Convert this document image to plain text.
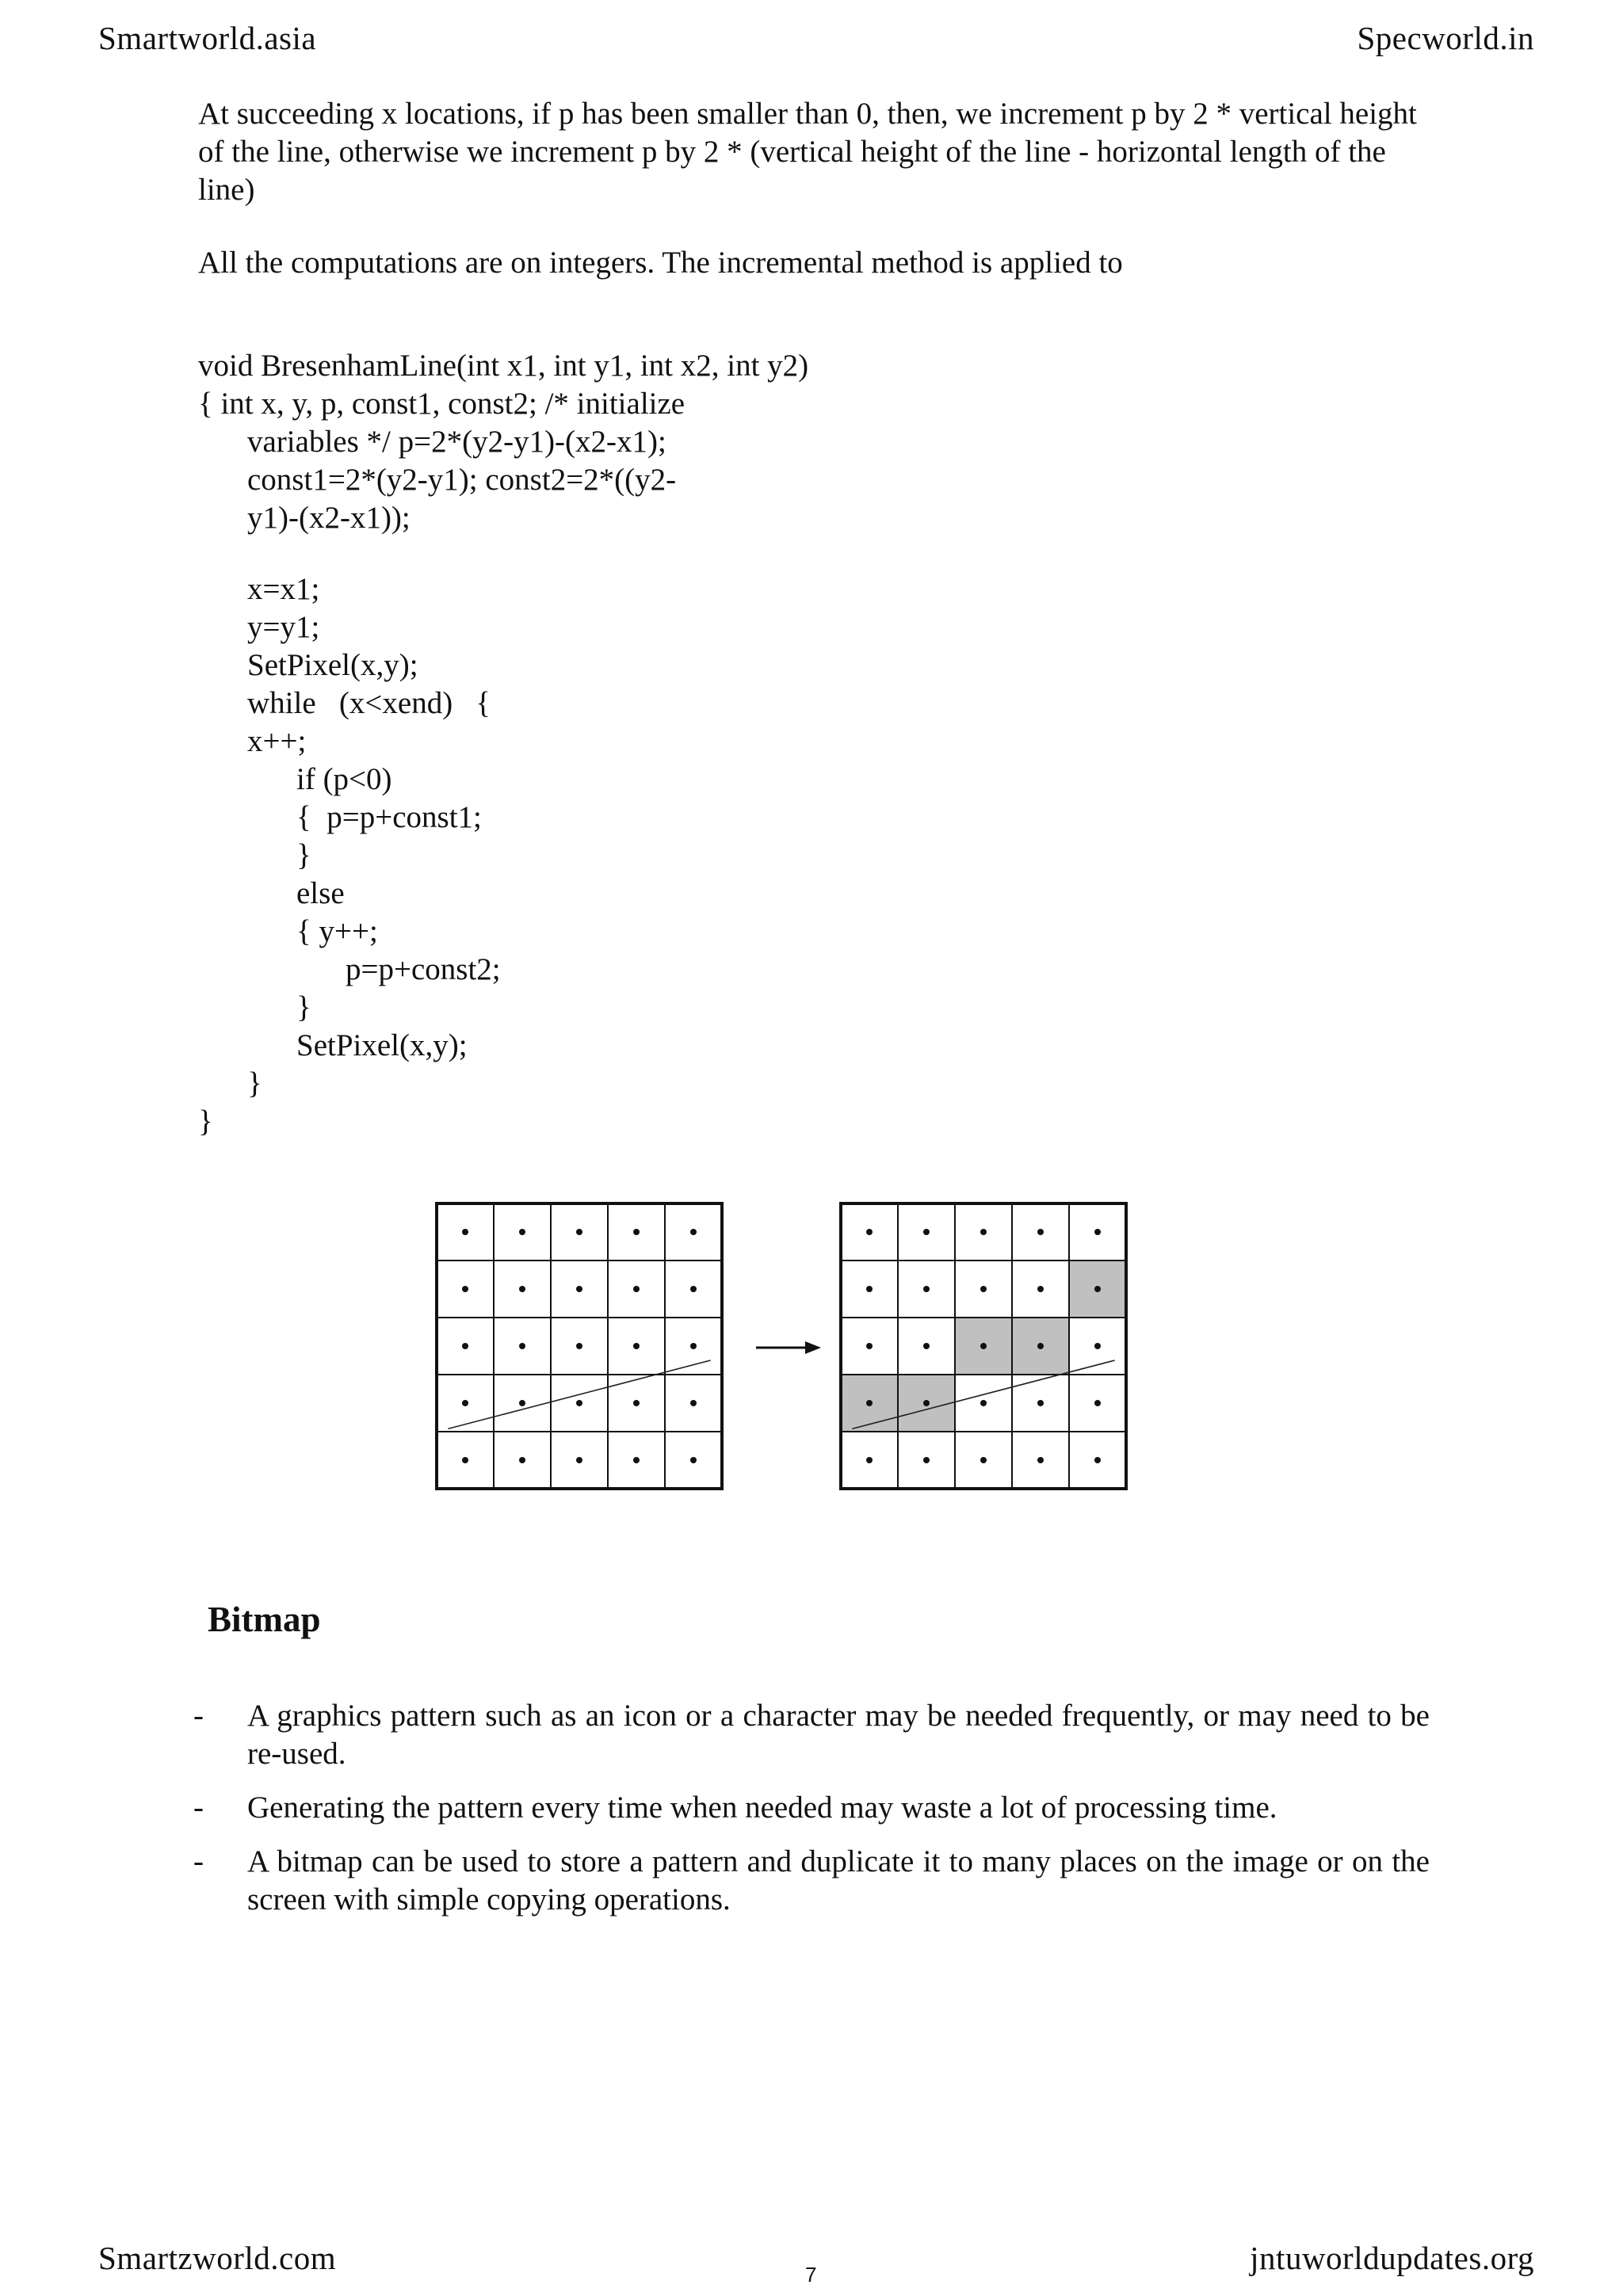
Smartworld.asia	Specworld.in

At succeeding x locations, if p has been smaller than 0, then, we increment p by 2 * vertical height of the line, otherwise we increment p by 2 * (vertical height of the line - horizontal length of the line)

All the computations are on integers. The incremental method is applied to

void BresenhamLine(int x1, int y1, int x2, int y2)
{ int x, y, p, const1, const2; /* initialize
variables */ p=2*(y2-y1)-(x2-x1);
const1=2*(y2-y1); const2=2*((y2-
y1)-(x2-x1));
x=x1;
y=y1;
SetPixel(x,y);
while   (x<xend)   {
x++;
if (p<0)
{  p=p+const1;
}
else
{ y++;
p=p+const2;
}
SetPixel(x,y);
}
}
Bitmap
- A graphics pattern such as an icon or a character may be needed frequently, or may need to be re-used.
- Generating the pattern every time when needed may waste a lot of processing time.
- A bitmap can be used to store a pattern and duplicate it to many places on the image or on the screen with simple copying operations.
Smartzworld.com	7	jntuworldupdates.org
